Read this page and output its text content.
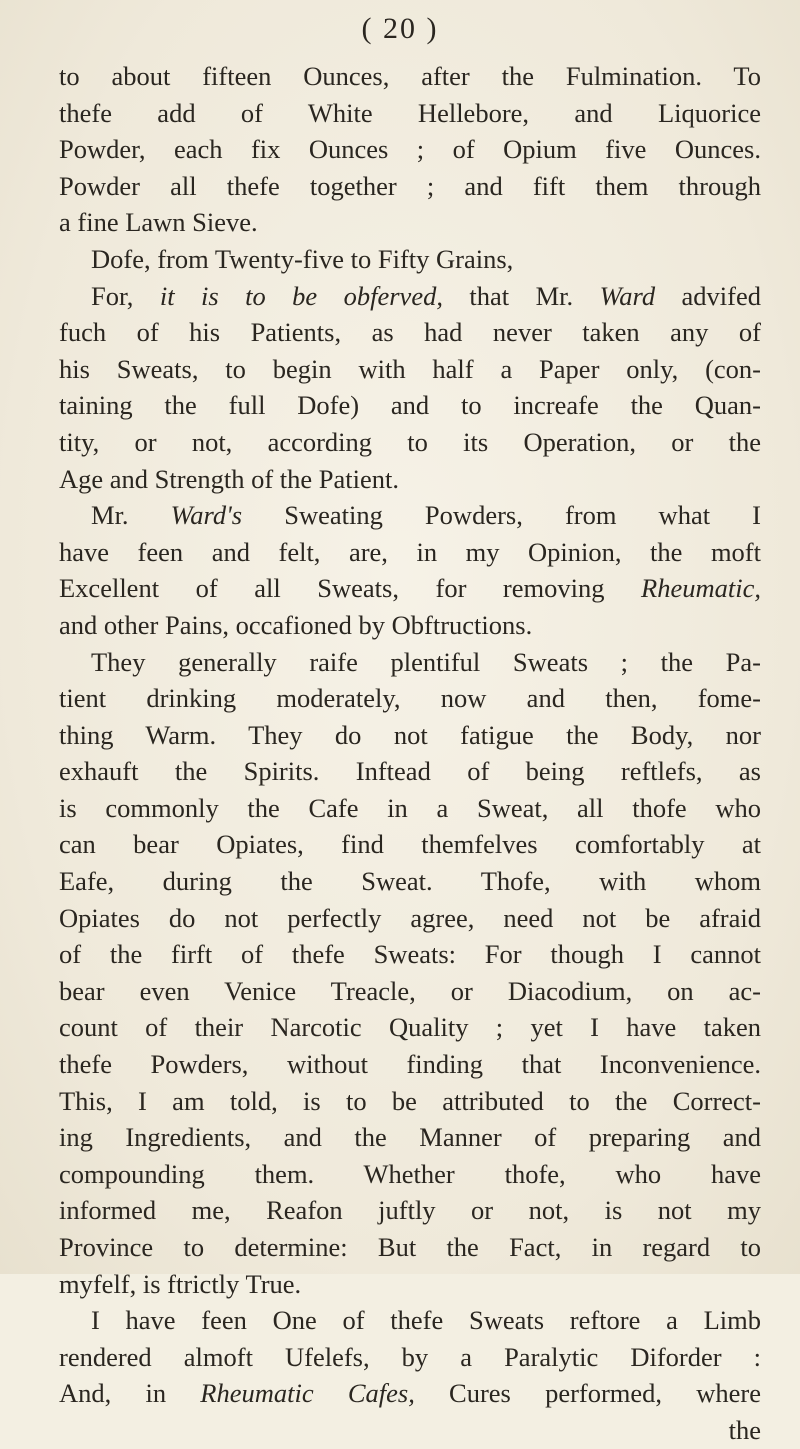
( 20 )
to about fifteen Ounces, after the Fulmination. To
thefe add of White Hellebore, and Liquorice
Powder, each fix Ounces ; of Opium five Ounces.
Powder all thefe together ; and fift them through
a fine Lawn Sieve.
Dofe, from Twenty-five to Fifty Grains,
For, it is to be obferved, that Mr. Ward advifed
fuch of his Patients, as had never taken any of
his Sweats, to begin with half a Paper only, (con-
taining the full Dofe) and to increafe the Quan-
tity, or not, according to its Operation, or the
Age and Strength of the Patient.
Mr. Ward's Sweating Powders, from what I
have feen and felt, are, in my Opinion, the moft
Excellent of all Sweats, for removing Rheumatic,
and other Pains, occafioned by Obftructions.
They generally raife plentiful Sweats ; the Pa-
tient drinking moderately, now and then, fome-
thing Warm. They do not fatigue the Body, nor
exhauft the Spirits. Inftead of being reftlefs, as
is commonly the Cafe in a Sweat, all thofe who
can bear Opiates, find themfelves comfortably at
Eafe, during the Sweat. Thofe, with whom
Opiates do not perfectly agree, need not be afraid
of the firft of thefe Sweats: For though I cannot
bear even Venice Treacle, or Diacodium, on ac-
count of their Narcotic Quality ; yet I have taken
thefe Powders, without finding that Inconvenience.
This, I am told, is to be attributed to the Correct-
ing Ingredients, and the Manner of preparing and
compounding them. Whether thofe, who have
informed me, Reafon juftly or not, is not my
Province to determine: But the Fact, in regard to
myfelf, is ftrictly True.
I have feen One of thefe Sweats reftore a Limb
rendered almoft Ufelefs, by a Paralytic Diforder :
And, in Rheumatic Cafes, Cures performed, where
the
